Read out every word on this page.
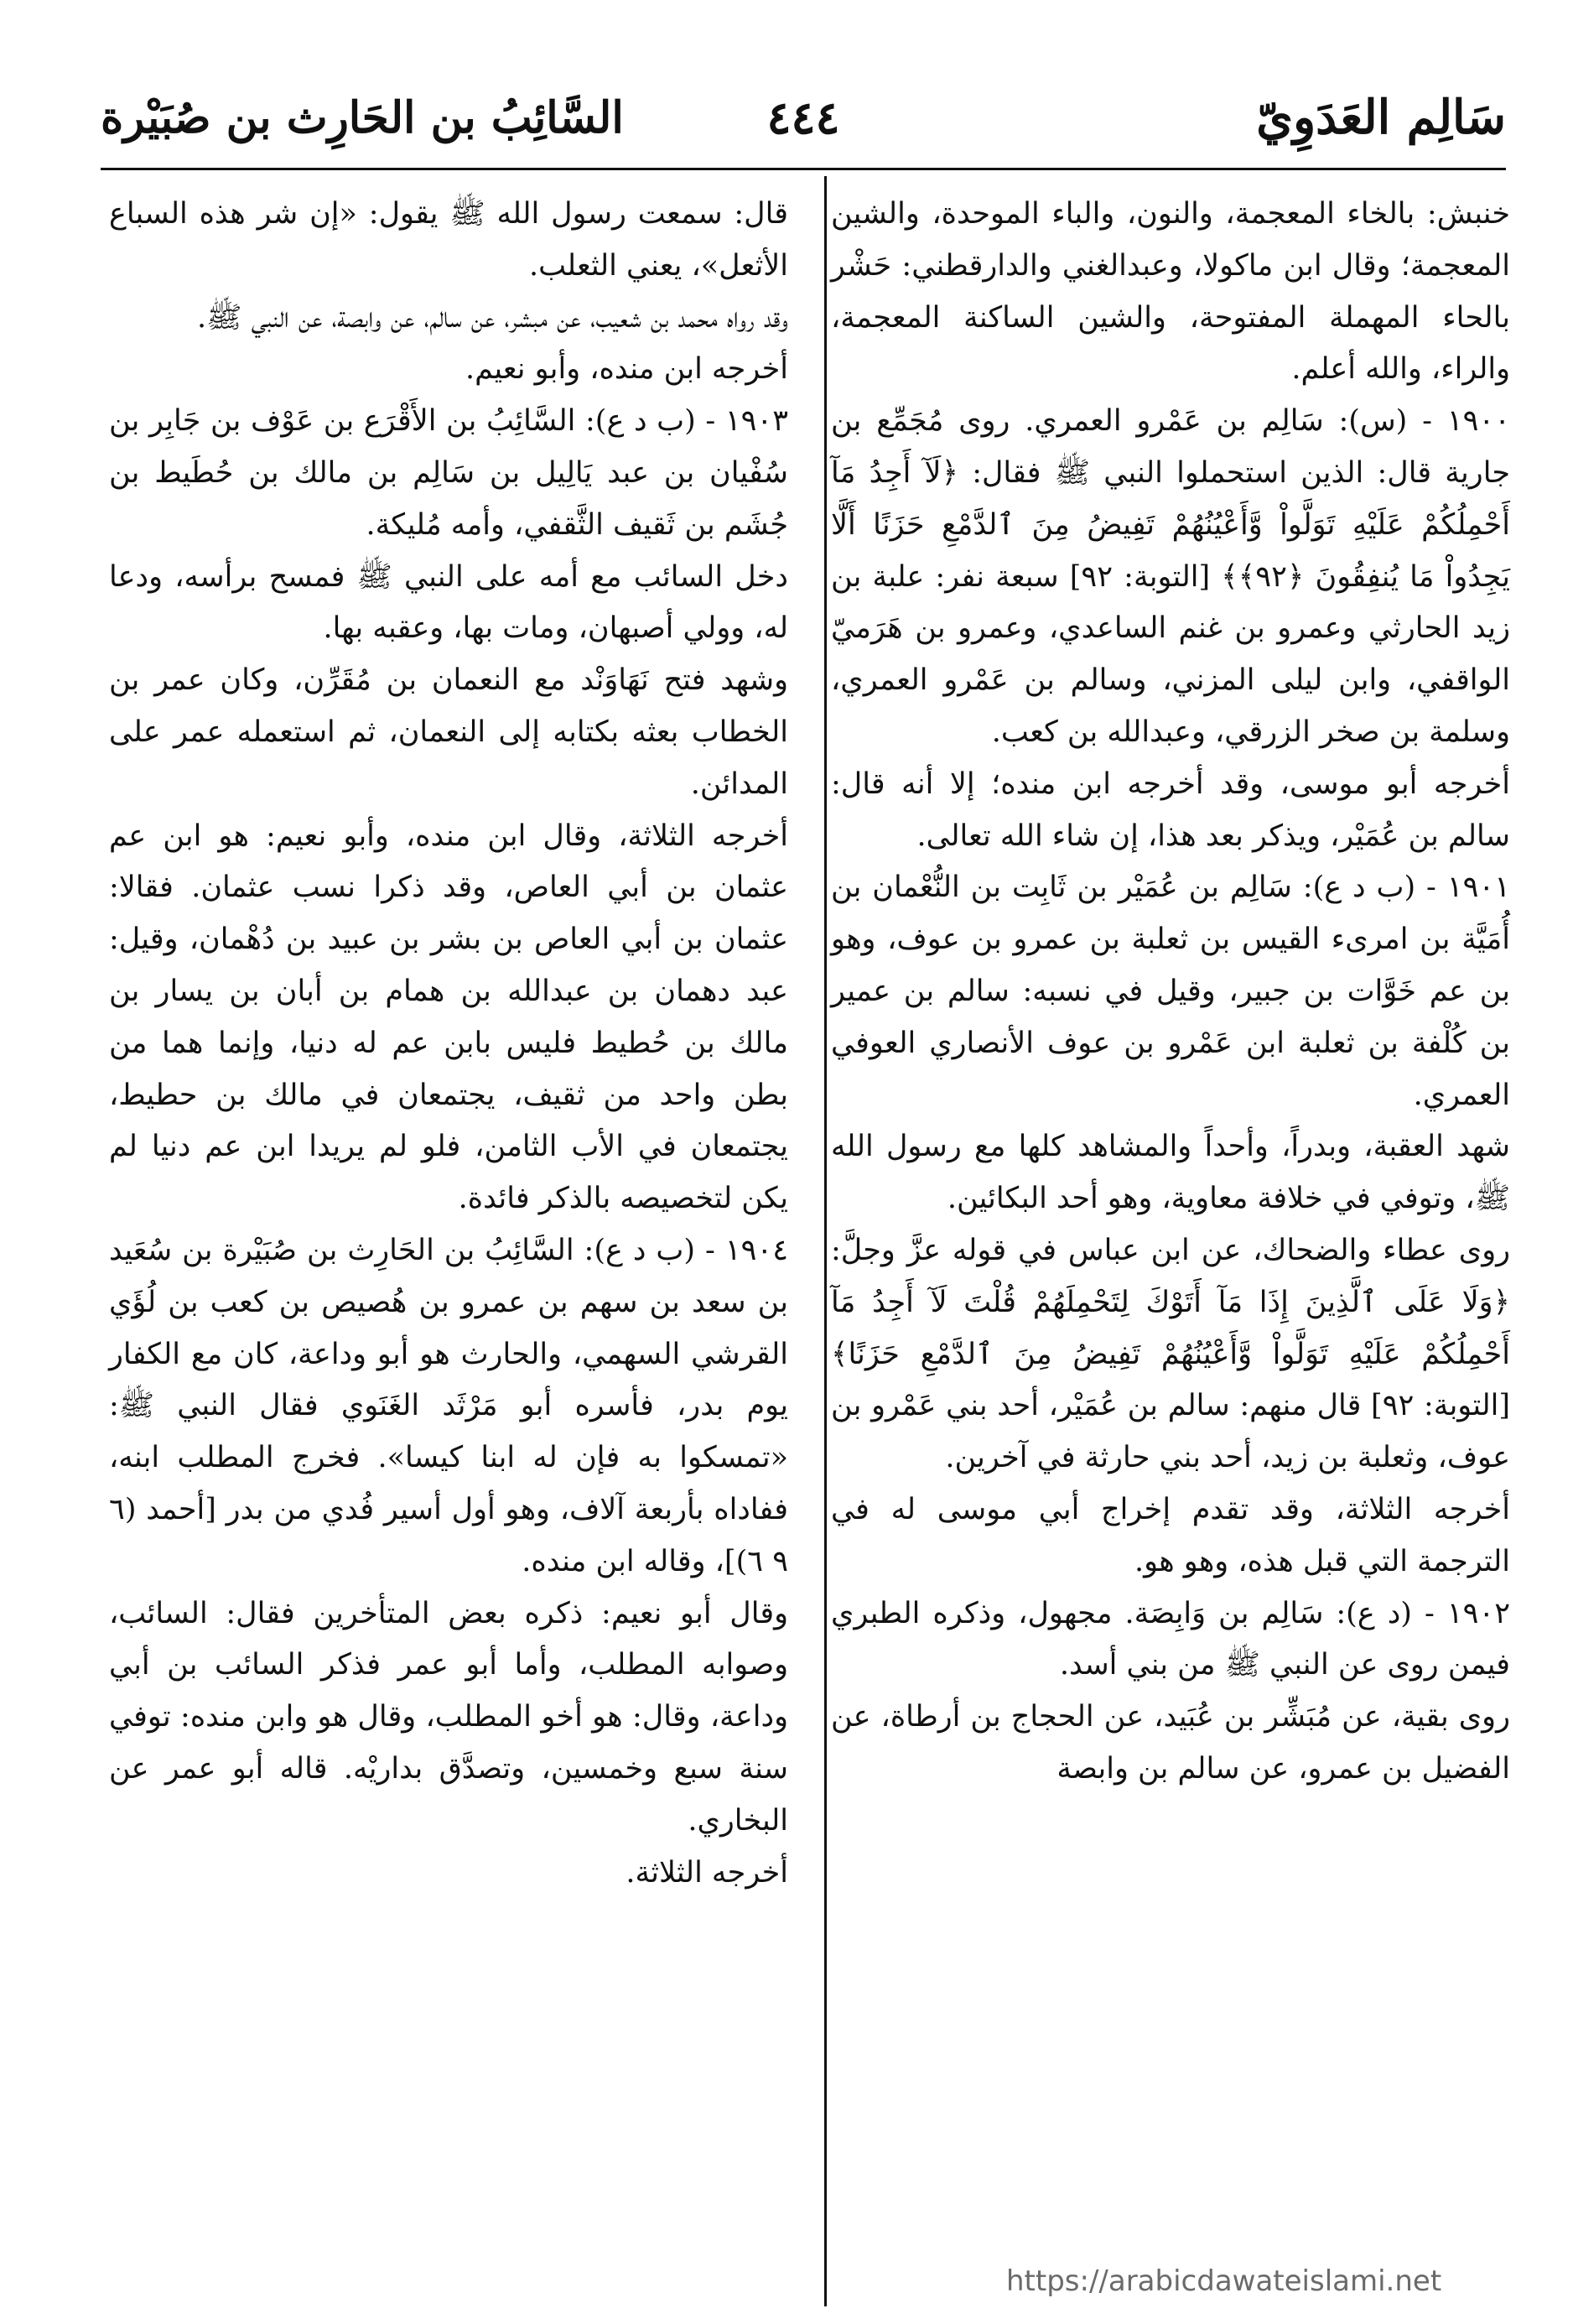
سَالِم العَدَوِيّ
٤٤٤
السَّائِبُ بن الحَارِث بن صُبَيْرة

خنبش: بالخاء المعجمة، والنون، والباء الموحدة، والشين المعجمة؛ وقال ابن ماكولا، وعبدالغني والدارقطني: حَشْر بالحاء المهملة المفتوحة، والشين الساكنة المعجمة، والراء، والله أعلم.

١٩٠٠ - (س): سَالِم بن عَمْرو العمري. روى مُجَمِّع بن جارية قال: الذين استحملوا النبي ﷺ فقال: ﴿لَآ أَجِدُ مَآ أَحْمِلُكُمْ عَلَيْهِ تَوَلَّواْ وَّأَعْيُنُهُمْ تَفِيضُ مِنَ ٱلدَّمْعِ حَزَنًا أَلَّا يَجِدُواْ مَا يُنفِقُونَ ﴿٩٢﴾﴾ [التوبة: ٩٢] سبعة نفر: علبة بن زيد الحارثي وعمرو بن غنم الساعدي، وعمرو بن هَرَميّ الواقفي، وابن ليلى المزني، وسالم بن عَمْرو العمري، وسلمة بن صخر الزرقي، وعبدالله بن كعب.

أخرجه أبو موسى، وقد أخرجه ابن منده؛ إلا أنه قال: سالم بن عُمَيْر، ويذكر بعد هذا، إن شاء الله تعالى.

١٩٠١ - (ب د ع): سَالِم بن عُمَيْر بن ثَابِت بن النُّعْمان بن أُمَيَّة بن امرىء القيس بن ثعلبة بن عمرو بن عوف، وهو بن عم خَوَّات بن جبير، وقيل في نسبه: سالم بن عمير بن كُلْفة بن ثعلبة ابن عَمْرو بن عوف الأنصاري العوفي العمري.

شهد العقبة، وبدراً، وأحداً والمشاهد كلها مع رسول الله ﷺ، وتوفي في خلافة معاوية، وهو أحد البكائين.

روى عطاء والضحاك، عن ابن عباس في قوله عزَّ وجلَّ: ﴿وَلَا عَلَى ٱلَّذِينَ إِذَا مَآ أَتَوْكَ لِتَحْمِلَهُمْ قُلْتَ لَآ أَجِدُ مَآ أَحْمِلُكُمْ عَلَيْهِ تَوَلَّواْ وَّأَعْيُنُهُمْ تَفِيضُ مِنَ ٱلدَّمْعِ حَزَنًا﴾ [التوبة: ٩٢] قال منهم: سالم بن عُمَيْر، أحد بني عَمْرو بن عوف، وثعلبة بن زيد، أحد بني حارثة في آخرين.

أخرجه الثلاثة، وقد تقدم إخراج أبي موسى له في الترجمة التي قبل هذه، وهو هو.

١٩٠٢ - (د ع): سَالِم بن وَابِصَة. مجهول، وذكره الطبري فيمن روى عن النبي ﷺ من بني أسد.

روى بقية، عن مُبَشِّر بن عُبَيد، عن الحجاج بن أرطاة، عن الفضيل بن عمرو، عن سالم بن وابصة

قال: سمعت رسول الله ﷺ يقول: «إن شر هذه السباع الأثعل»، يعني الثعلب.

وقد رواه محمد بن شعيب، عن مبشر، عن سالم، عن وابصة، عن النبي ﷺ.

أخرجه ابن منده، وأبو نعيم.

١٩٠٣ - (ب د ع): السَّائِبُ بن الأَقْرَع بن عَوْف بن جَابِر بن سُفْيان بن عبد يَالِيل بن سَالِم بن مالك بن حُطَيط بن جُشَم بن ثَقيف الثَّقفي، وأمه مُليكة.

دخل السائب مع أمه على النبي ﷺ فمسح برأسه، ودعا له، وولي أصبهان، ومات بها، وعقبه بها.

وشهد فتح نَهَاوَنْد مع النعمان بن مُقَرِّن، وكان عمر بن الخطاب بعثه بكتابه إلى النعمان، ثم استعمله عمر على المدائن.

أخرجه الثلاثة، وقال ابن منده، وأبو نعيم: هو ابن عم عثمان بن أبي العاص، وقد ذكرا نسب عثمان. فقالا: عثمان بن أبي العاص بن بشر بن عبيد بن دُهْمان، وقيل: عبد دهمان بن عبدالله بن همام بن أبان بن يسار بن مالك بن حُطيط فليس بابن عم له دنيا، وإنما هما من بطن واحد من ثقيف، يجتمعان في مالك بن حطيط، يجتمعان في الأب الثامن، فلو لم يريدا ابن عم دنيا لم يكن لتخصيصه بالذكر فائدة.

١٩٠٤ - (ب د ع): السَّائِبُ بن الحَارِث بن صُبَيْرة بن سُعَيد بن سعد بن سهم بن عمرو بن هُصيص بن كعب بن لُؤَي القرشي السهمي، والحارث هو أبو وداعة، كان مع الكفار يوم بدر، فأسره أبو مَرْثَد الغَنَوي فقال النبي ﷺ: «تمسكوا به فإن له ابنا كيسا». فخرج المطلب ابنه، ففاداه بأربعة آلاف، وهو أول أسير فُدي من بدر [أحمد (٦ ٩ ٦)]، وقاله ابن منده.

وقال أبو نعيم: ذكره بعض المتأخرين فقال: السائب، وصوابه المطلب، وأما أبو عمر فذكر السائب بن أبي وداعة، وقال: هو أخو المطلب، وقال هو وابن منده: توفي سنة سبع وخمسين، وتصدَّق بداريْه. قاله أبو عمر عن البخاري.

أخرجه الثلاثة.

https://arabicdawateislami.net
